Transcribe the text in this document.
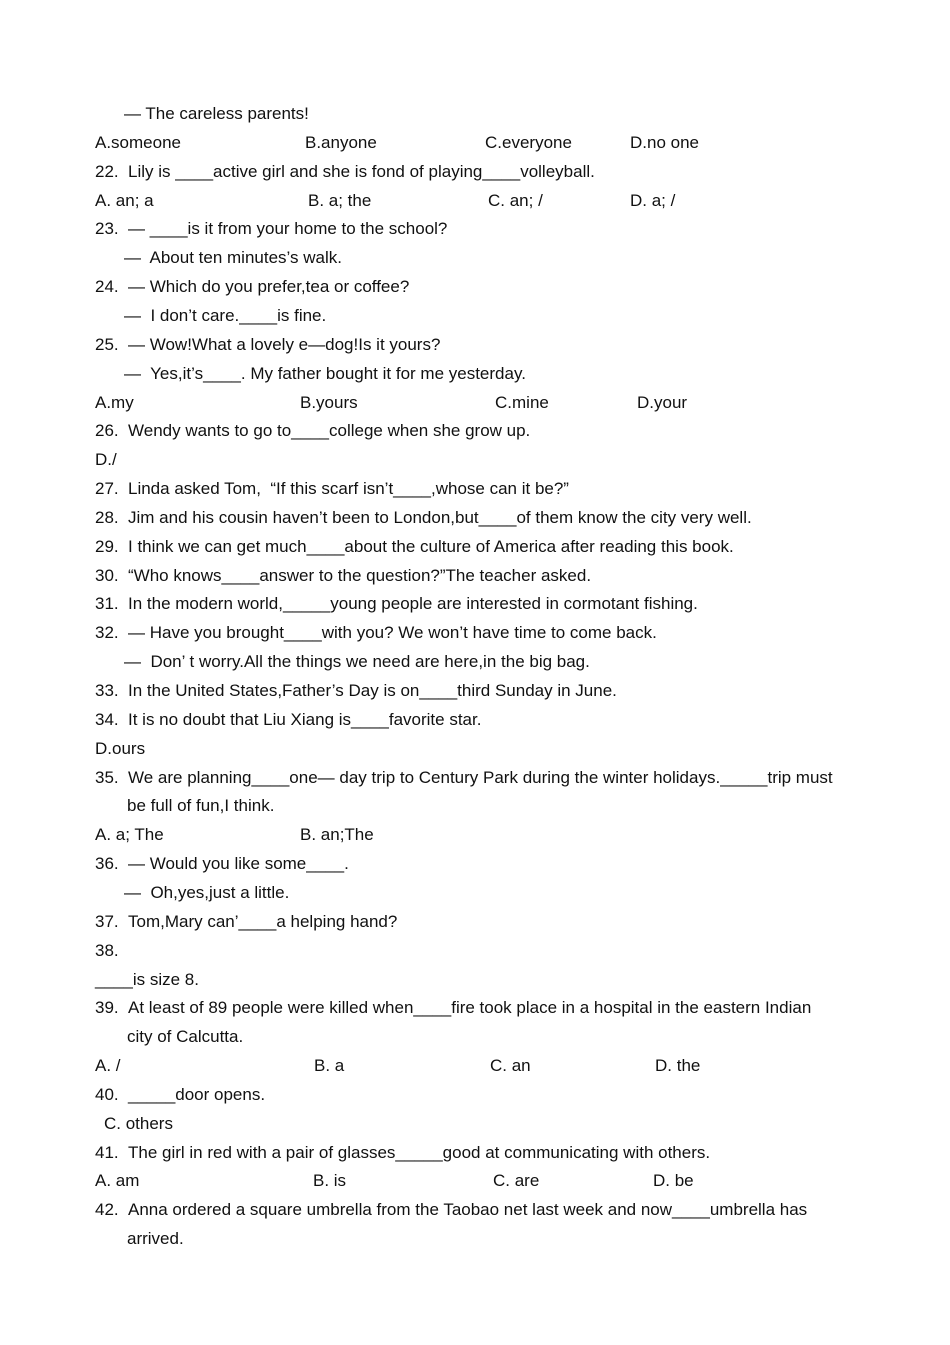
— The careless parents!
A.someone	B.anyone	C.everyone	D.no one
22. Lily is ____active girl and she is fond of playing____volleyball.
A. an; a	B. a; the	C. an; /	D. a; /
23. — ____is it from your home to the school?
—  About ten minutes’s walk.
24. — Which do you prefer,tea or coffee?
—  I don’t care.____is fine.
25. — Wow!What a lovely e—dog!Is it yours?
—  Yes,it’s____. My father bought it for me yesterday.
A.my	B.yours	C.mine	D.your
26. Wendy wants to go to____college when she grow up.
D./
27. Linda asked Tom,  “If this scarf isn’t____,whose can it be?”
28. Jim and his cousin haven’t been to London,but____of them know the city very well.
29. I think we can get much____about the culture of America after reading this book.
30. “Who knows____answer to the question?”The teacher asked.
31. In the modern world,_____young people are interested in cormotant fishing.
32. — Have you brought____with you? We won’t have time to come back.
—  Don’ t worry.All the things we need are here,in the big bag.
33. In the United States,Father’s Day is on____third Sunday in June.
34. It is no doubt that Liu Xiang is____favorite star.
D.ours
35. We are planning____one— day trip to Century Park during the winter holidays._____trip must
be full of fun,I think.
A. a; The	B. an;The
36. — Would you like some____.
—  Oh,yes,just a little.
37. Tom,Mary can’____a helping hand?
38.
____is size 8.
39. At least of 89 people were killed when____fire took place in a hospital in the eastern Indian
city of Calcutta.
A. /	B. a	C. an	D. the
40. _____door opens.
C. others
41. The girl in red with a pair of glasses_____good at communicating with others.
A. am	B. is	C. are	D. be
42. Anna ordered a square umbrella from the Taobao net last week and now____umbrella has
arrived.
